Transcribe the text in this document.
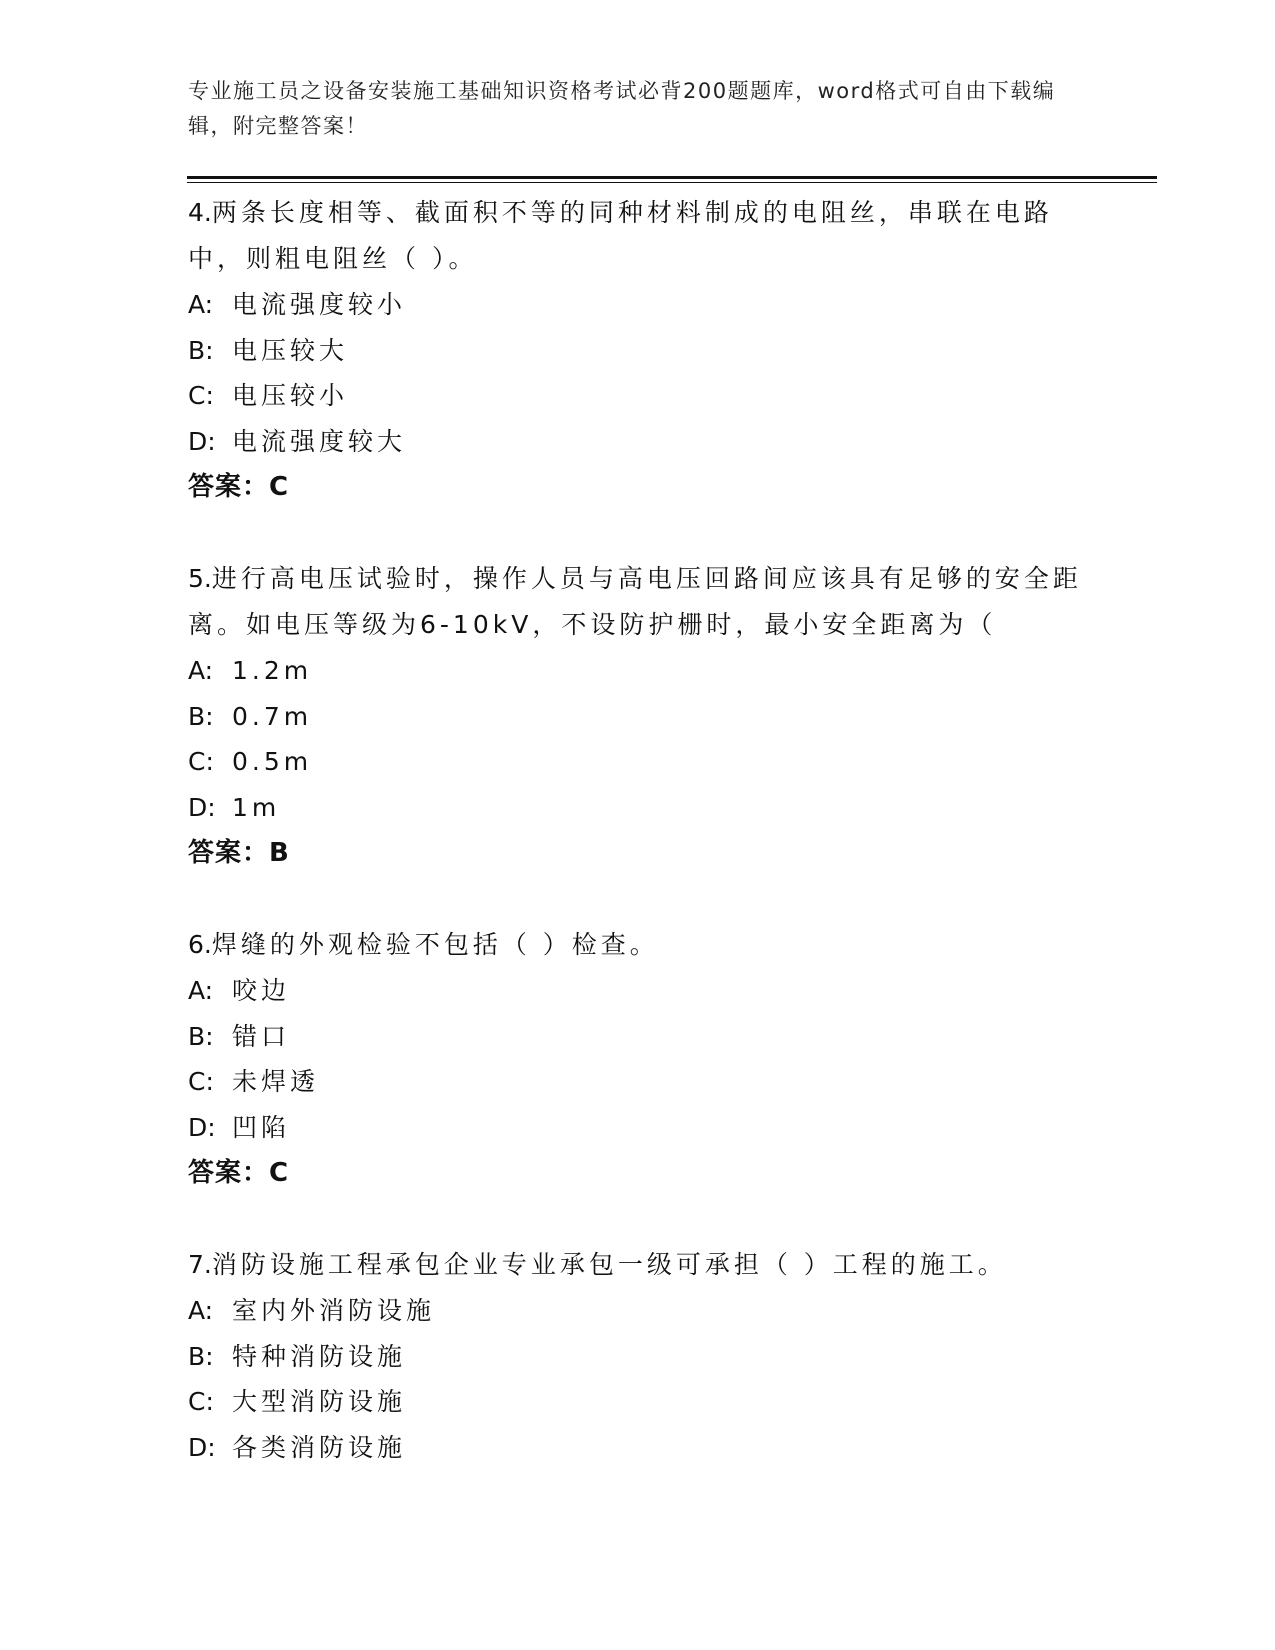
专业施工员之设备安装施工基础知识资格考试必背200题题库，word格式可自由下载编辑，附完整答案！
4.两条长度相等、截面积不等的同种材料制成的电阻丝，串联在电路中，则粗电阻丝（ ）。
A: 电流强度较小
B: 电压较大
C: 电压较小
D: 电流强度较大
答案：C
5.进行高电压试验时，操作人员与高电压回路间应该具有足够的安全距离。如电压等级为6-10kV，不设防护栅时，最小安全距离为（
A: 1.2m
B: 0.7m
C: 0.5m
D: 1m
答案：B
6.焊缝的外观检验不包括（ ）检查。
A: 咬边
B: 错口
C: 未焊透
D: 凹陷
答案：C
7.消防设施工程承包企业专业承包一级可承担（ ）工程的施工。
A: 室内外消防设施
B: 特种消防设施
C: 大型消防设施
D: 各类消防设施
